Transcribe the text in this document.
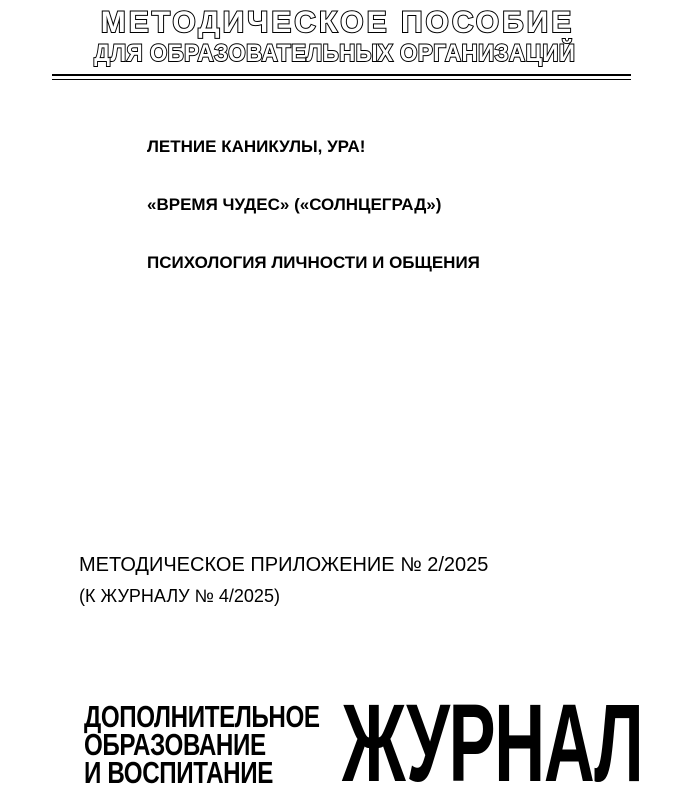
МЕТОДИЧЕСКОЕ ПОСОБИЕ
ДЛЯ ОБРАЗОВАТЕЛЬНЫХ ОРГАНИЗАЦИЙ
ЛЕТНИЕ КАНИКУЛЫ, УРА!
«ВРЕМЯ ЧУДЕС» («СОЛНЦЕГРАД»)
ПСИХОЛОГИЯ ЛИЧНОСТИ И ОБЩЕНИЯ
МЕТОДИЧЕСКОЕ ПРИЛОЖЕНИЕ № 2/2025
(К ЖУРНАЛУ № 4/2025)
ДОПОЛНИТЕЛЬНОЕ
ОБРАЗОВАНИЕ
И ВОСПИТАНИЕ ЖУРНАЛ
